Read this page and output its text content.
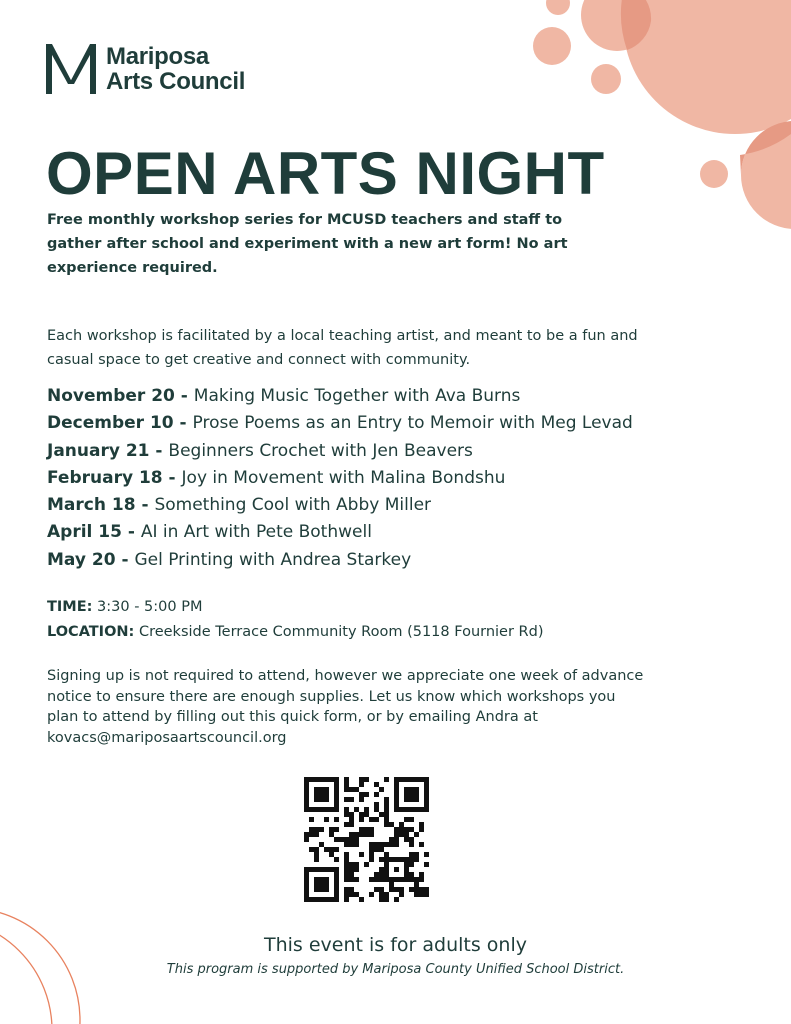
Mariposa
Arts Council
OPEN ARTS NIGHT

Free monthly workshop series for MCUSD teachers and staff to gather after school and experiment with a new art form! No art experience required.

Each workshop is facilitated by a local teaching artist, and meant to be a fun and casual space to get creative and connect with community.

November 20 - Making Music Together with Ava Burns
December 10 - Prose Poems as an Entry to Memoir with Meg Levad
January 21 - Beginners Crochet with Jen Beavers
February 18 - Joy in Movement with Malina Bondshu
March 18 - Something Cool with Abby Miller
April 15 - AI in Art with Pete Bothwell
May 20 - Gel Printing with Andrea Starkey
TIME: 3:30 - 5:00 PM
LOCATION: Creekside Terrace Community Room (5118 Fournier Rd)

Signing up is not required to attend, however we appreciate one week of advance notice to ensure there are enough supplies. Let us know which workshops you plan to attend by filling out this quick form, or by emailing Andra at kovacs@mariposaartscouncil.org

This event is for adults only
This program is supported by Mariposa County Unified School District.
